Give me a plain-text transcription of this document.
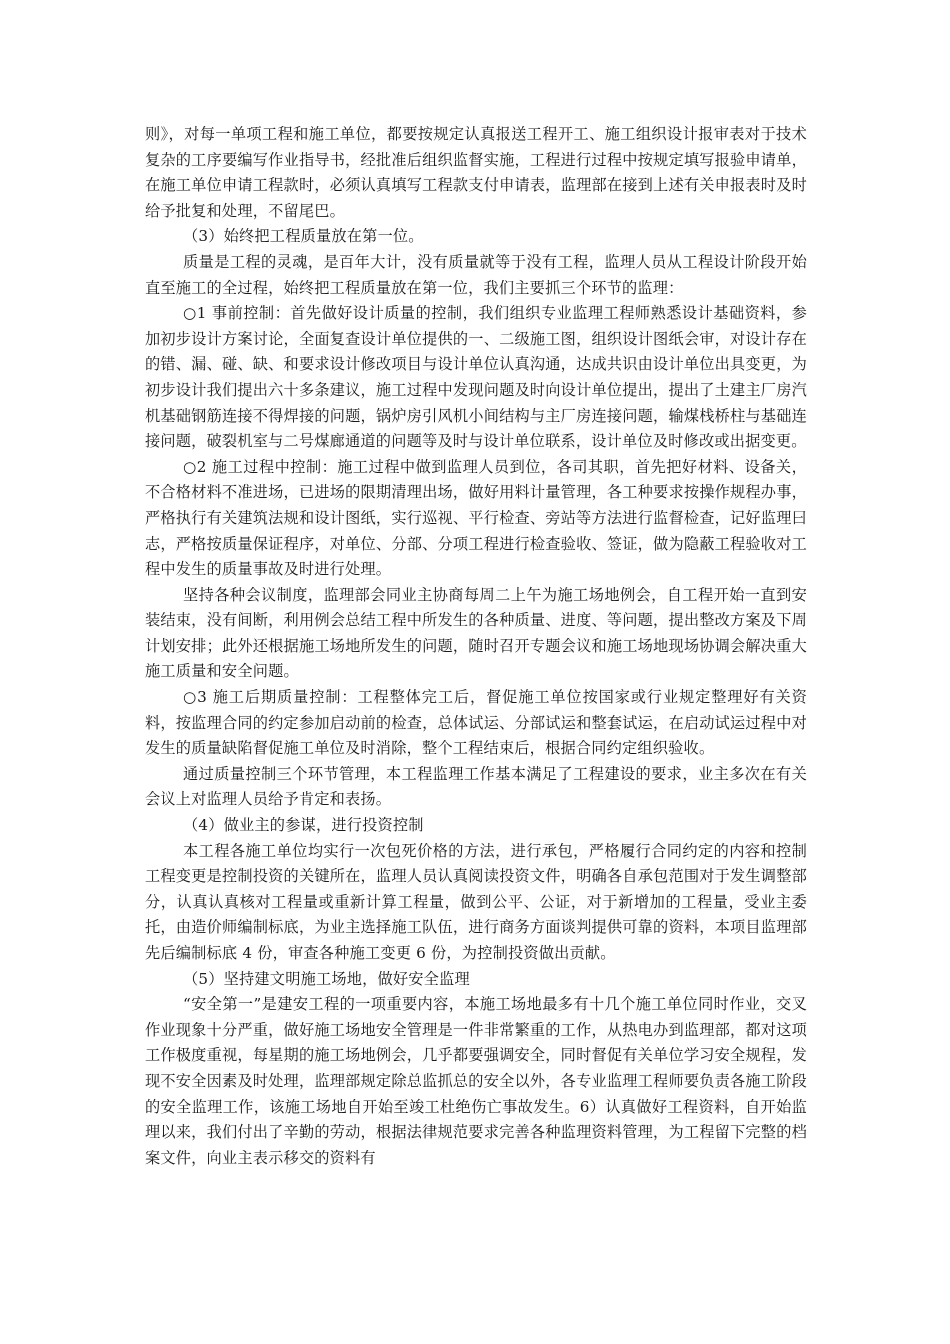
则》，对每一单项工程和施工单位，都要按规定认真报送工程开工、施工组织设计报审表对于技术复杂的工序要编写作业指导书，经批准后组织监督实施，工程进行过程中按规定填写报验申请单，在施工单位申请工程款时，必须认真填写工程款支付申请表，监理部在接到上述有关申报表时及时给予批复和处理，不留尾巴。

（3）始终把工程质量放在第一位。

质量是工程的灵魂，是百年大计，没有质量就等于没有工程，监理人员从工程设计阶段开始直至施工的全过程，始终把工程质量放在第一位，我们主要抓三个环节的监理：

○1 事前控制：首先做好设计质量的控制，我们组织专业监理工程师熟悉设计基础资料，参加初步设计方案讨论，全面复查设计单位提供的一、二级施工图，组织设计图纸会审，对设计存在的错、漏、碰、缺、和要求设计修改项目与设计单位认真沟通，达成共识由设计单位出具变更，为初步设计我们提出六十多条建议，施工过程中发现问题及时向设计单位提出，提出了土建主厂房汽机基础钢筋连接不得焊接的问题，锅炉房引风机小间结构与主厂房连接问题，输煤栈桥柱与基础连接问题，破裂机室与二号煤廊通道的问题等及时与设计单位联系，设计单位及时修改或出据变更。

○2 施工过程中控制：施工过程中做到监理人员到位，各司其职，首先把好材料、设备关，不合格材料不准进场，已进场的限期清理出场，做好用料计量管理，各工种要求按操作规程办事，严格执行有关建筑法规和设计图纸，实行巡视、平行检查、旁站等方法进行监督检查，记好监理曰志，严格按质量保证程序，对单位、分部、分项工程进行检查验收、签证，做为隐蔽工程验收对工程中发生的质量事故及时进行处理。

坚持各种会议制度，监理部会同业主协商每周二上午为施工场地例会，自工程开始一直到安装结束，没有间断，利用例会总结工程中所发生的各种质量、进度、等问题，提出整改方案及下周计划安排；此外还根据施工场地所发生的问题，随时召开专题会议和施工场地现场协调会解决重大施工质量和安全问题。

○3 施工后期质量控制：工程整体完工后，督促施工单位按国家或行业规定整理好有关资料，按监理合同的约定参加启动前的检查，总体试运、分部试运和整套试运，在启动试运过程中对发生的质量缺陷督促施工单位及时消除，整个工程结束后，根据合同约定组织验收。

通过质量控制三个环节管理，本工程监理工作基本满足了工程建设的要求，业主多次在有关会议上对监理人员给予肯定和表扬。

（4）做业主的参谋，进行投资控制

本工程各施工单位均实行一次包死价格的方法，进行承包，严格履行合同约定的内容和控制工程变更是控制投资的关键所在，监理人员认真阅读投资文件，明确各自承包范围对于发生调整部分，认真认真核对工程量或重新计算工程量，做到公平、公证，对于新增加的工程量，受业主委托，由造价师编制标底，为业主选择施工队伍，进行商务方面谈判提供可靠的资料，本项目监理部先后编制标底 4 份，审查各种施工变更 6 份，为控制投资做出贡献。

（5）坚持建文明施工场地，做好安全监理

“安全第一”是建安工程的一项重要内容，本施工场地最多有十几个施工单位同时作业，交叉作业现象十分严重，做好施工场地安全管理是一件非常繁重的工作，从热电办到监理部，都对这项工作极度重视，每星期的施工场地例会，几乎都要强调安全，同时督促有关单位学习安全规程，发现不安全因素及时处理，监理部规定除总监抓总的安全以外，各专业监理工程师要负责各施工阶段的安全监理工作，该施工场地自开始至竣工杜绝伤亡事故发生。6）认真做好工程资料，自开始监理以来，我们付出了辛勤的劳动，根据法律规范要求完善各种监理资料管理，为工程留下完整的档案文件，向业主表示移交的资料有
